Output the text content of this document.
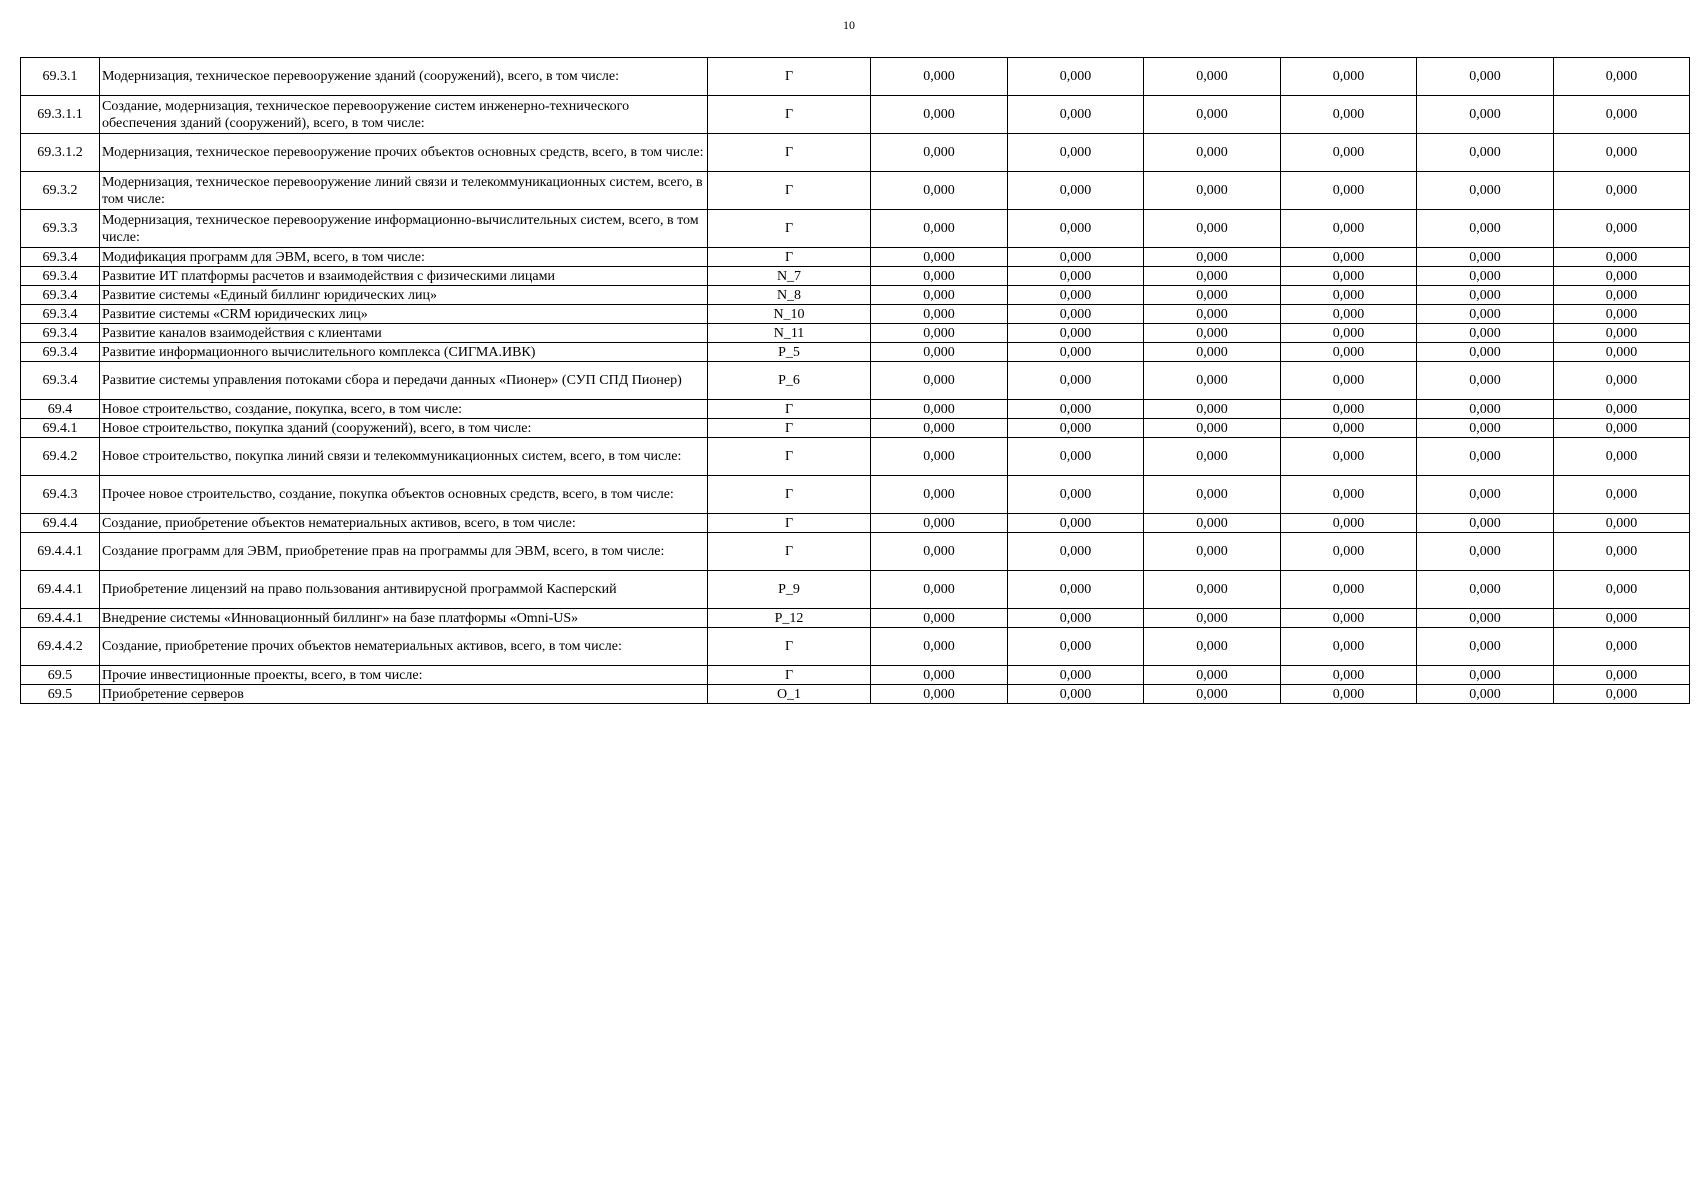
10
69.3.1	Модернизация, техническое перевооружение зданий (сооружений), всего, в том числе:	Г	0,000	0,000	0,000	0,000	0,000	0,000
69.3.1.1	Создание, модернизация, техническое перевооружение систем инженерно-технического обеспечения зданий (сооружений), всего, в том числе:	Г	0,000	0,000	0,000	0,000	0,000	0,000
69.3.1.2	Модернизация, техническое перевооружение прочих объектов основных средств, всего, в том числе:	Г	0,000	0,000	0,000	0,000	0,000	0,000
69.3.2	Модернизация, техническое перевооружение линий связи и телекоммуникационных систем, всего, в том числе:	Г	0,000	0,000	0,000	0,000	0,000	0,000
69.3.3	Модернизация, техническое перевооружение информационно-вычислительных систем, всего, в том числе:	Г	0,000	0,000	0,000	0,000	0,000	0,000
69.3.4	Модификация программ для ЭВМ, всего, в том числе:	Г	0,000	0,000	0,000	0,000	0,000	0,000
69.3.4	Развитие ИТ платформы расчетов и взаимодействия с физическими лицами	N_7	0,000	0,000	0,000	0,000	0,000	0,000
69.3.4	Развитие системы «Единый биллинг юридических лиц»	N_8	0,000	0,000	0,000	0,000	0,000	0,000
69.3.4	Развитие системы «CRM юридических лиц»	N_10	0,000	0,000	0,000	0,000	0,000	0,000
69.3.4	Развитие каналов взаимодействия с клиентами	N_11	0,000	0,000	0,000	0,000	0,000	0,000
69.3.4	Развитие информационного вычислительного комплекса (СИГМА.ИВК)	P_5	0,000	0,000	0,000	0,000	0,000	0,000
69.3.4	Развитие системы управления потоками сбора и передачи данных «Пионер» (СУП СПД Пионер)	P_6	0,000	0,000	0,000	0,000	0,000	0,000
69.4	Новое строительство, создание, покупка, всего, в том числе:	Г	0,000	0,000	0,000	0,000	0,000	0,000
69.4.1	Новое строительство, покупка зданий (сооружений), всего, в том числе:	Г	0,000	0,000	0,000	0,000	0,000	0,000
69.4.2	Новое строительство, покупка линий связи и телекоммуникационных систем, всего, в том числе:	Г	0,000	0,000	0,000	0,000	0,000	0,000
69.4.3	Прочее новое строительство, создание, покупка объектов основных средств, всего, в том числе:	Г	0,000	0,000	0,000	0,000	0,000	0,000
69.4.4	Создание, приобретение объектов нематериальных активов, всего, в том числе:	Г	0,000	0,000	0,000	0,000	0,000	0,000
69.4.4.1	Создание программ для ЭВМ, приобретение прав на программы для ЭВМ, всего, в том числе:	Г	0,000	0,000	0,000	0,000	0,000	0,000
69.4.4.1	Приобретение лицензий на право пользования антивирусной программой Касперский	P_9	0,000	0,000	0,000	0,000	0,000	0,000
69.4.4.1	Внедрение системы «Инновационный биллинг» на базе платформы «Omni-US»	P_12	0,000	0,000	0,000	0,000	0,000	0,000
69.4.4.2	Создание, приобретение прочих объектов нематериальных активов, всего, в том числе:	Г	0,000	0,000	0,000	0,000	0,000	0,000
69.5	Прочие инвестиционные проекты, всего, в том числе:	Г	0,000	0,000	0,000	0,000	0,000	0,000
69.5	Приобретение серверов	O_1	0,000	0,000	0,000	0,000	0,000	0,000
